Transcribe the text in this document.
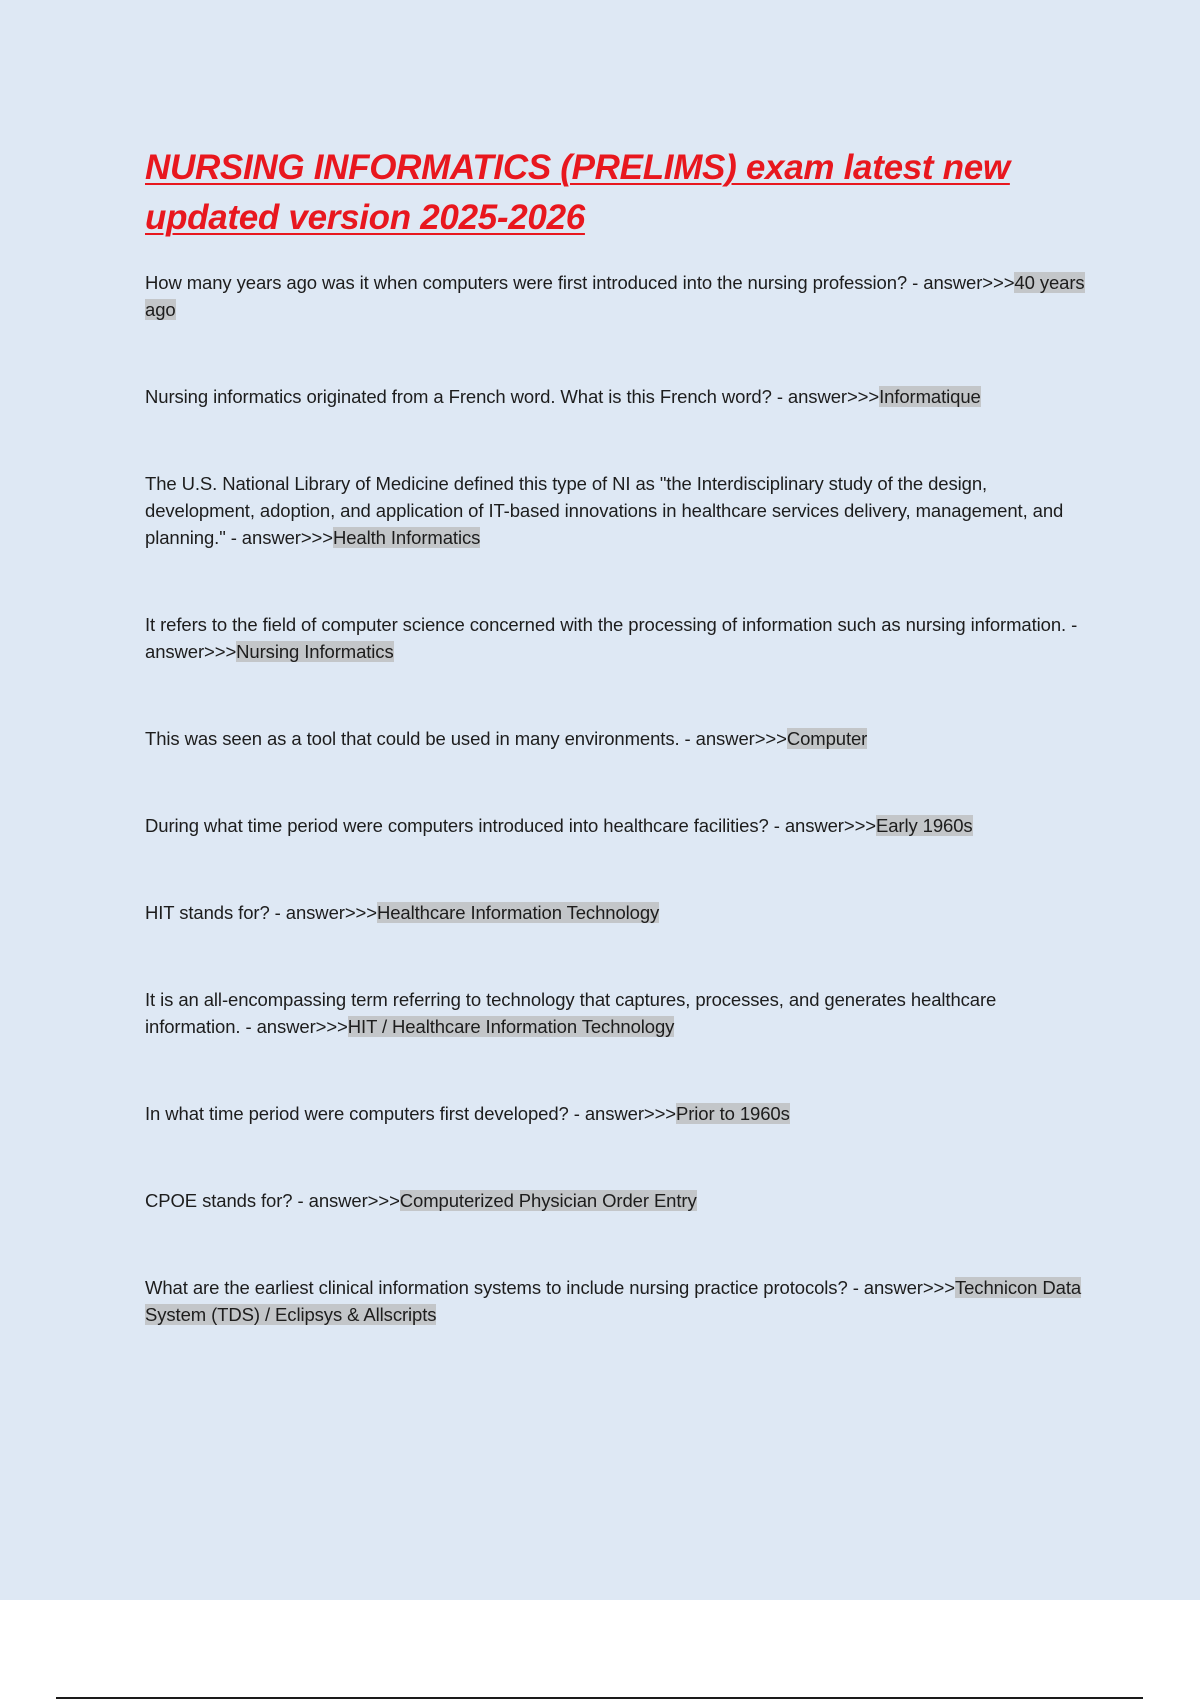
NURSING INFORMATICS (PRELIMS) exam latest new updated version 2025-2026

How many years ago was it when computers were first introduced into the nursing profession? - answer>>>40 years ago

Nursing informatics originated from a French word. What is this French word? - answer>>>Informatique

The U.S. National Library of Medicine defined this type of NI as "the Interdisciplinary study of the design, development, adoption, and application of IT-based innovations in healthcare services delivery, management, and planning." - answer>>>Health Informatics

It refers to the field of computer science concerned with the processing of information such as nursing information. - answer>>>Nursing Informatics

This was seen as a tool that could be used in many environments. - answer>>>Computer

During what time period were computers introduced into healthcare facilities? - answer>>>Early 1960s

HIT stands for? - answer>>>Healthcare Information Technology

It is an all-encompassing term referring to technology that captures, processes, and generates healthcare information. - answer>>>HIT / Healthcare Information Technology

In what time period were computers first developed? - answer>>>Prior to 1960s

CPOE stands for? - answer>>>Computerized Physician Order Entry

What are the earliest clinical information systems to include nursing practice protocols? - answer>>>Technicon Data System (TDS) / Eclipsys & Allscripts
